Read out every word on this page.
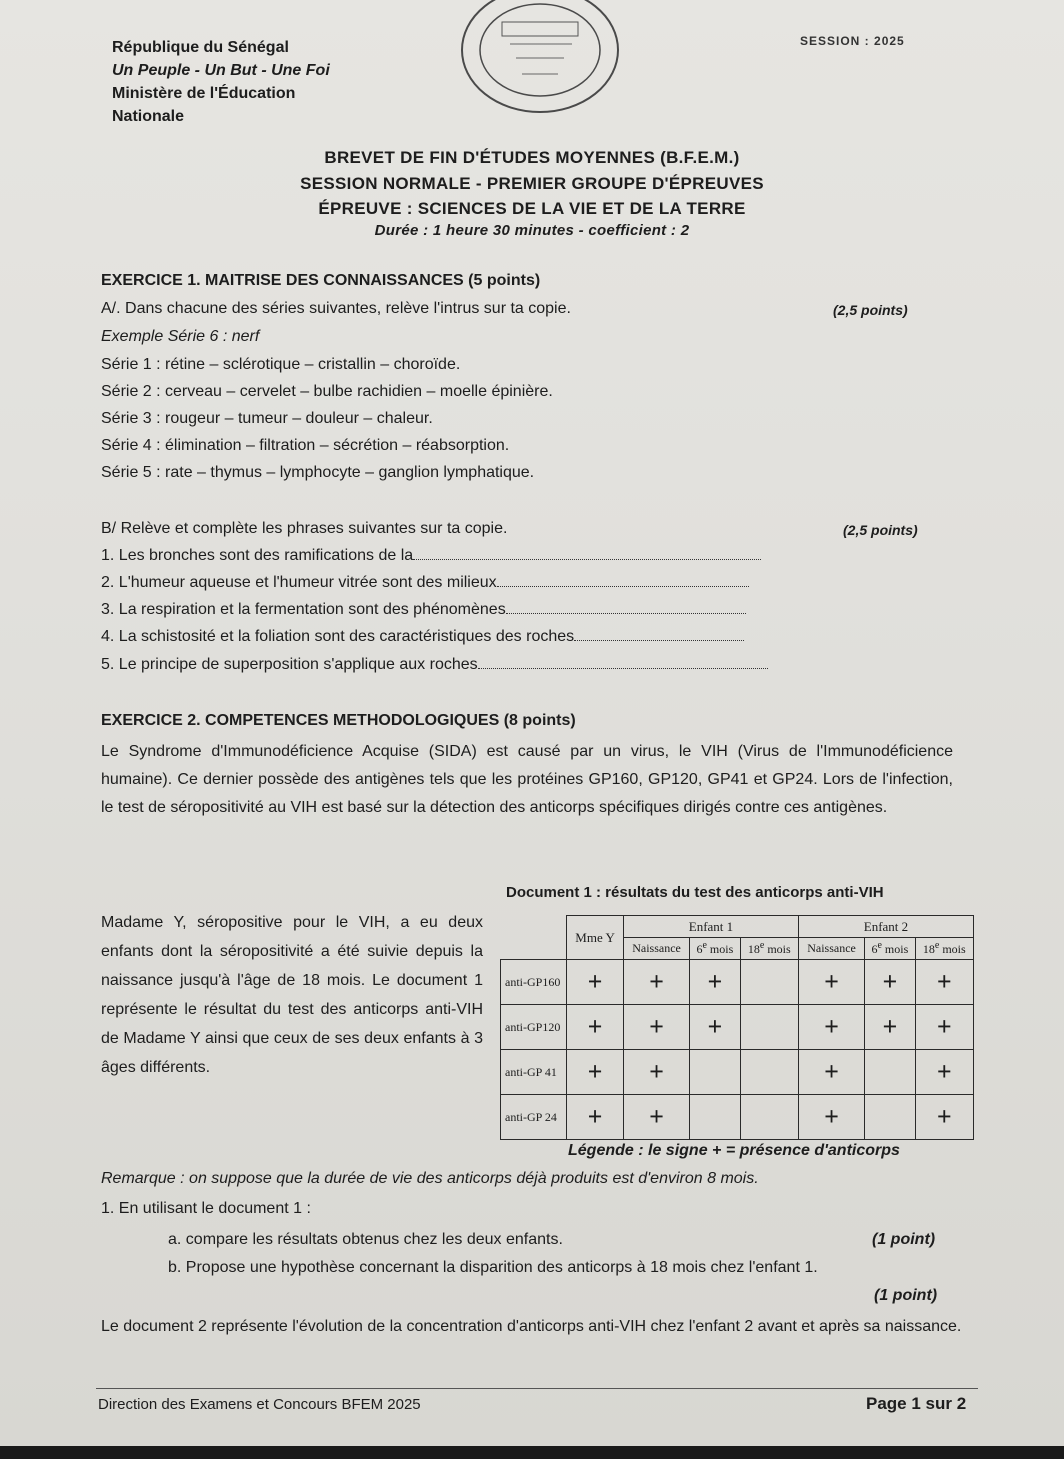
République du Sénégal
Un Peuple - Un But - Une Foi
Ministère de l'Éducation
Nationale
SESSION : 2025
BREVET DE FIN D'ÉTUDES MOYENNES (B.F.E.M.)
SESSION NORMALE - PREMIER GROUPE D'ÉPREUVES
ÉPREUVE : SCIENCES DE LA VIE ET DE LA TERRE
Durée : 1 heure 30 minutes - coefficient : 2
EXERCICE 1. MAITRISE DES CONNAISSANCES (5 points)
A/. Dans chacune des séries suivantes, relève l'intrus sur ta copie.	(2,5 points)
Exemple Série 6 : nerf
Série 1 : rétine – sclérotique – cristallin – choroïde.
Série 2 : cerveau – cervelet – bulbe rachidien – moelle épinière.
Série 3 : rougeur – tumeur – douleur – chaleur.
Série 4 : élimination – filtration – sécrétion – réabsorption.
Série 5 : rate – thymus – lymphocyte – ganglion lymphatique.
B/ Relève et complète les phrases suivantes sur ta copie.	(2,5 points)
1. Les bronches sont des ramifications de la
2. L'humeur aqueuse et l'humeur vitrée sont des milieux
3. La respiration et la fermentation sont des phénomènes
4. La schistosité et la foliation sont des caractéristiques des roches
5. Le principe de superposition s'applique aux roches
EXERCICE 2. COMPETENCES METHODOLOGIQUES (8 points)
Le Syndrome d'Immunodéficience Acquise (SIDA) est causé par un virus, le VIH (Virus de l'Immunodéficience humaine). Ce dernier possède des antigènes tels que les protéines GP160, GP120, GP41 et GP24. Lors de l'infection, le test de séropositivité au VIH est basé sur la détection des anticorps spécifiques dirigés contre ces antigènes.
Document 1 : résultats du test des anticorps anti-VIH
Madame Y, séropositive pour le VIH, a eu deux enfants dont la séropositivité a été suivie depuis la naissance jusqu'à l'âge de 18 mois. Le document 1 représente le résultat du test des anticorps anti-VIH de Madame Y ainsi que ceux de ses deux enfants à 3 âges différents.
	Mme Y	Enfant 1			Enfant 2		
		Naissance	6e mois	18e mois	Naissance	6e mois	18e mois
anti-GP160	+	+	+		+	+	+
anti-GP120	+	+	+		+	+	+
anti-GP 41	+	+			+		+
anti-GP 24	+	+			+		+
Légende : le signe + = présence d'anticorps
Remarque : on suppose que la durée de vie des anticorps déjà produits est d'environ 8 mois.
1. En utilisant le document 1 :
a. compare les résultats obtenus chez les deux enfants.	(1 point)
b. Propose une hypothèse concernant la disparition des anticorps à 18 mois chez l'enfant 1.
(1 point)
Le document 2 représente l'évolution de la concentration d'anticorps anti-VIH chez l'enfant 2 avant et après sa naissance.
Direction des Examens et Concours BFEM 2025	Page 1 sur 2
